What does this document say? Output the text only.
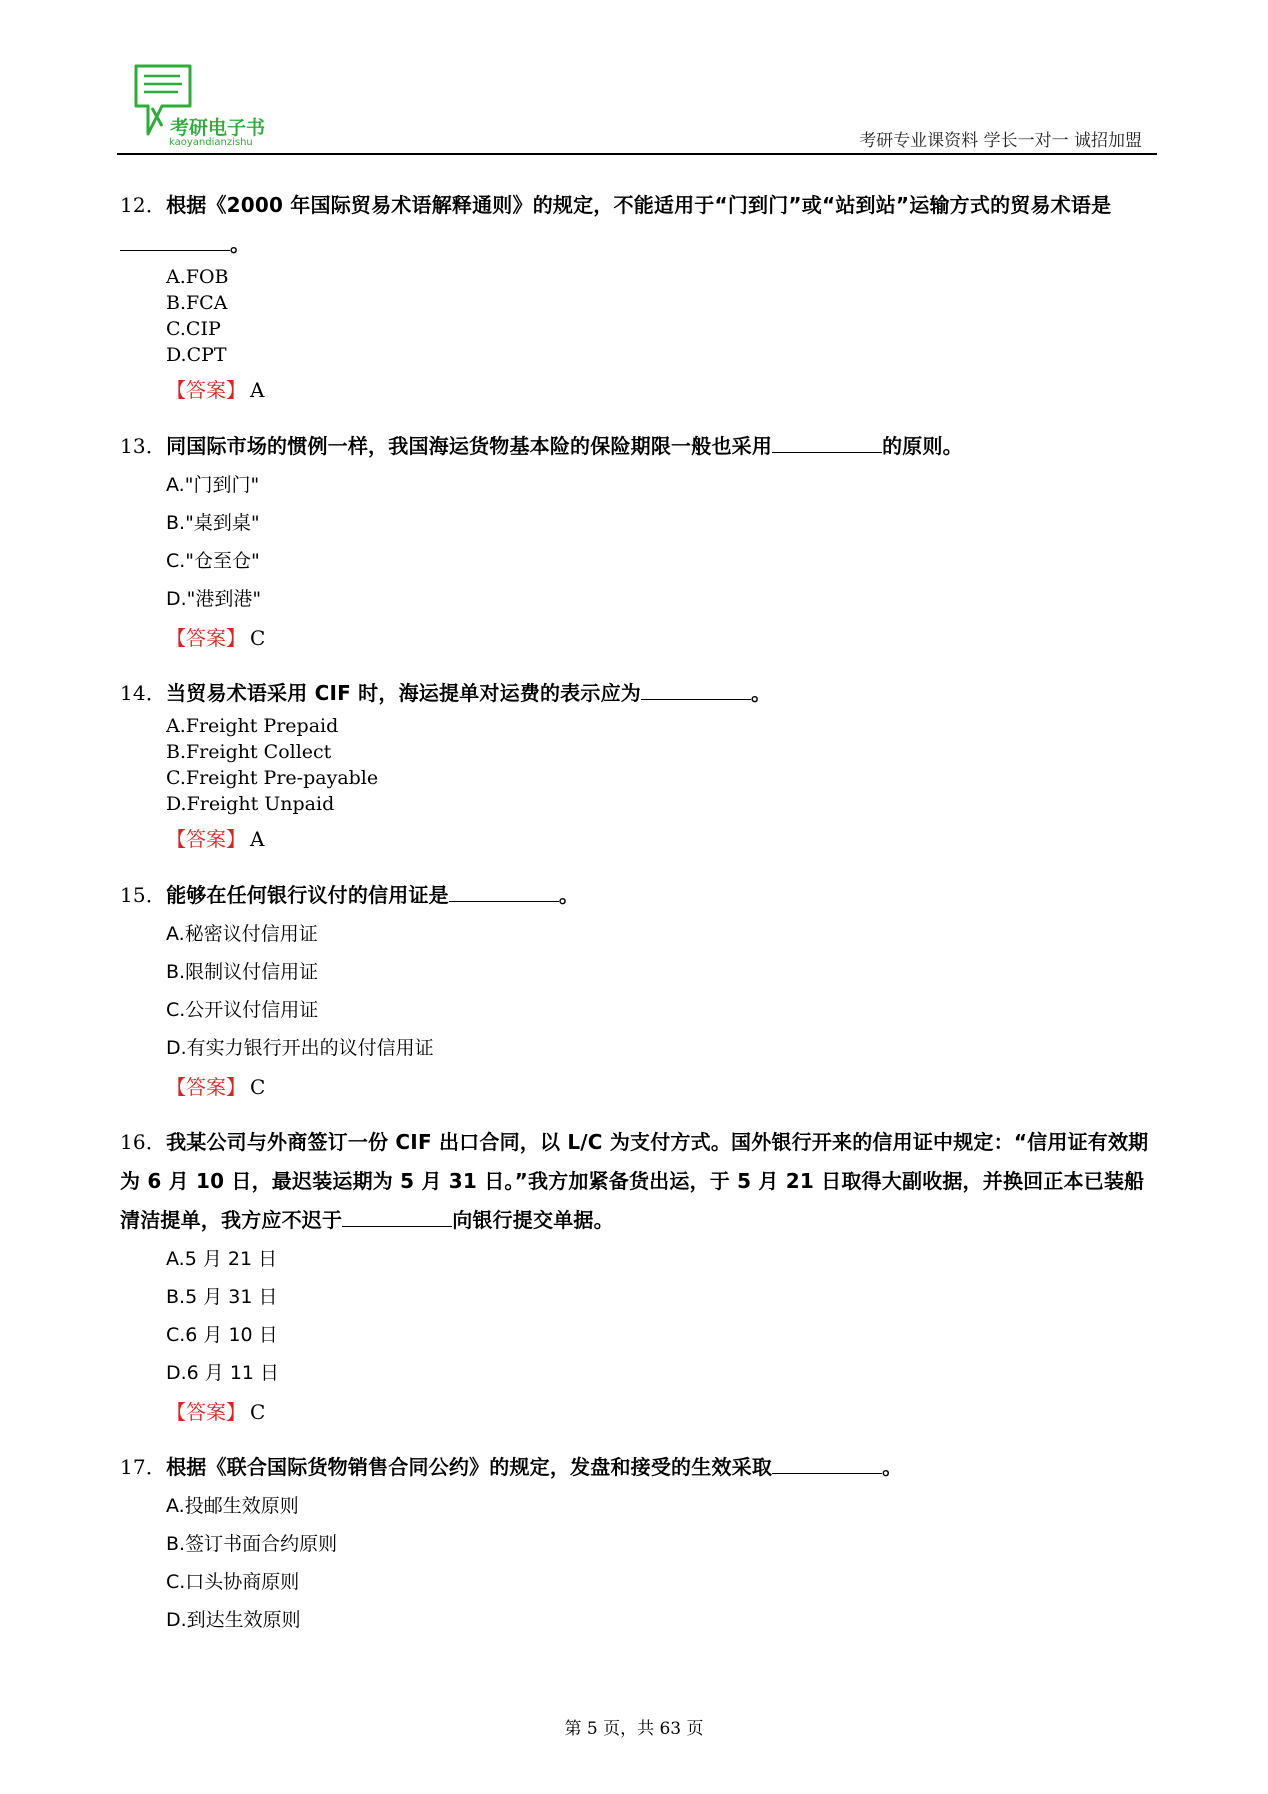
考研电子书
kaoyandianzishu	考研专业课资料 学长一对一 诚招加盟
12．根据《2000 年国际贸易术语解释通则》的规定，不能适用于“门到门”或“站到站”运输方式的贸易术语是。
A.FOB
B.FCA
C.CIP
D.CPT
【答案】 A
13．同国际市场的惯例一样，我国海运货物基本险的保险期限一般也采用	的原则。
A."门到门"
B."桌到桌"
C."仓至仓"
D."港到港"
【答案】 C
14．当贸易术语采用 CIF 时，海运提单对运费的表示应为	。
A.Freight Prepaid
B.Freight Collect
C.Freight Pre-payable
D.Freight Unpaid
【答案】 A
15．能够在任何银行议付的信用证是	。
A.秘密议付信用证
B.限制议付信用证
C.公开议付信用证
D.有实力银行开出的议付信用证
【答案】 C
16．我某公司与外商签订一份 CIF 出口合同，以 L/C 为支付方式。国外银行开来的信用证中规定：“信用证有效期为 6 月 10 日，最迟装运期为 5 月 31 日。”我方加紧备货出运，于 5 月 21 日取得大副收据，并换回正本已装船清洁提单，我方应不迟于	向银行提交单据。
A.5 月 21 日
B.5 月 31 日
C.6 月 10 日
D.6 月 11 日
【答案】 C
17．根据《联合国际货物销售合同公约》的规定，发盘和接受的生效采取	。
A.投邮生效原则
B.签订书面合约原则
C.口头协商原则
D.到达生效原则
第 5 页，共 63 页
